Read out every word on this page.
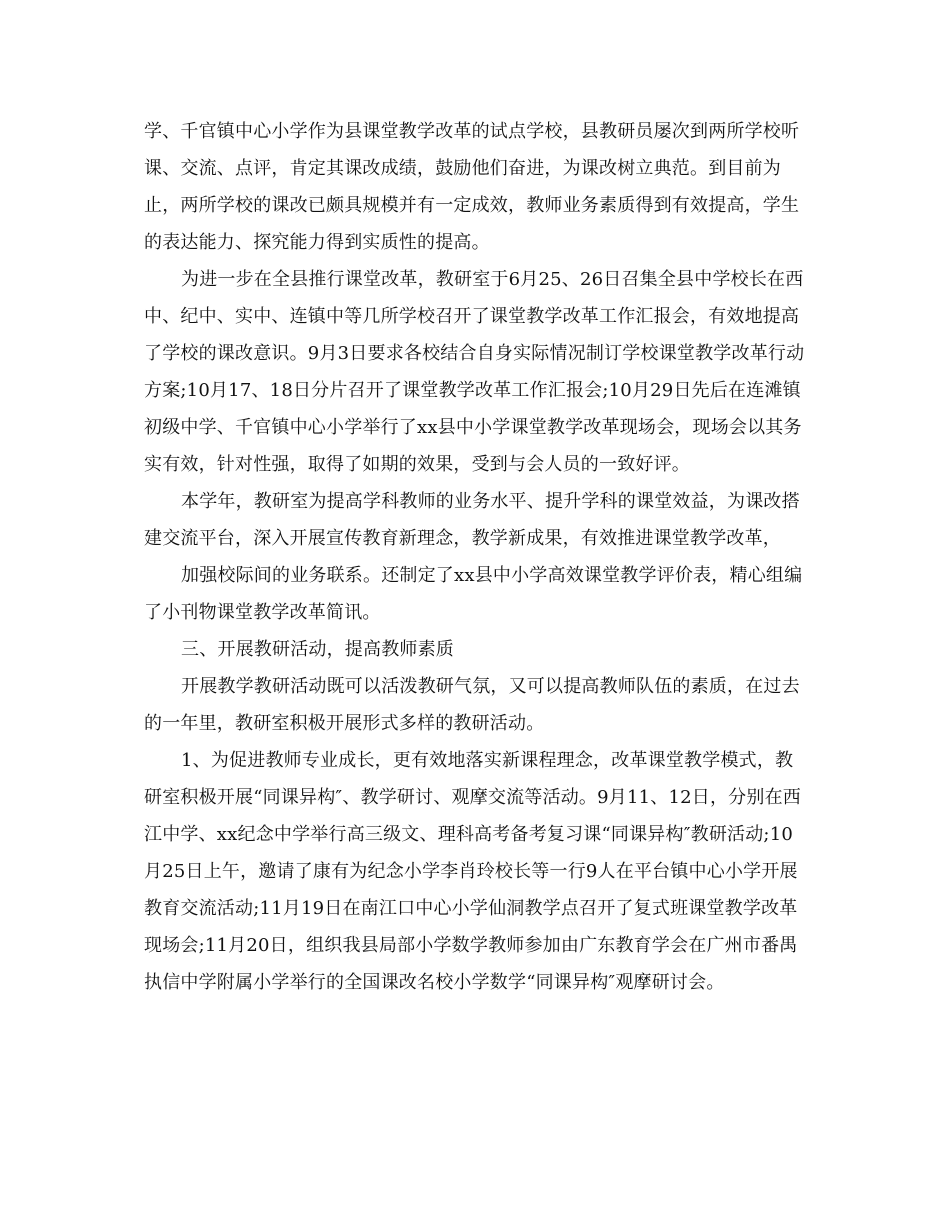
学、千官镇中心小学作为县课堂教学改革的试点学校，县教研员屡次到两所学校听课、交流、点评，肯定其课改成绩，鼓励他们奋进，为课改树立典范。到目前为止，两所学校的课改已颇具规模并有一定成效，教师业务素质得到有效提高，学生的表达能力、探究能力得到实质性的提高。

为进一步在全县推行课堂改革，教研室于6月25、26日召集全县中学校长在西中、纪中、实中、连镇中等几所学校召开了课堂教学改革工作汇报会，有效地提高了学校的课改意识。9月3日要求各校结合自身实际情况制订学校课堂教学改革行动方案;10月17、18日分片召开了课堂教学改革工作汇报会;10月29日先后在连滩镇初级中学、千官镇中心小学举行了xx县中小学课堂教学改革现场会，现场会以其务实有效，针对性强，取得了如期的效果，受到与会人员的一致好评。

本学年，教研室为提高学科教师的业务水平、提升学科的课堂效益，为课改搭建交流平台，深入开展宣传教育新理念，教学新成果，有效推进课堂教学改革，

加强校际间的业务联系。还制定了xx县中小学高效课堂教学评价表，精心组编了小刊物课堂教学改革简讯。

三、开展教研活动，提高教师素质

开展教学教研活动既可以活泼教研气氛，又可以提高教师队伍的素质，在过去的一年里，教研室积极开展形式多样的教研活动。

1、为促进教师专业成长，更有效地落实新课程理念，改革课堂教学模式，教研室积极开展“同课异构″、教学研讨、观摩交流等活动。9月11、12日，分别在西江中学、xx纪念中学举行高三级文、理科高考备考复习课“同课异构″教研活动;10月25日上午，邀请了康有为纪念小学李肖玲校长等一行9人在平台镇中心小学开展教育交流活动;11月19日在南江口中心小学仙洞教学点召开了复式班课堂教学改革现场会;11月20日，组织我县局部小学数学教师参加由广东教育学会在广州市番禺执信中学附属小学举行的全国课改名校小学数学“同课异构″观摩研讨会。
